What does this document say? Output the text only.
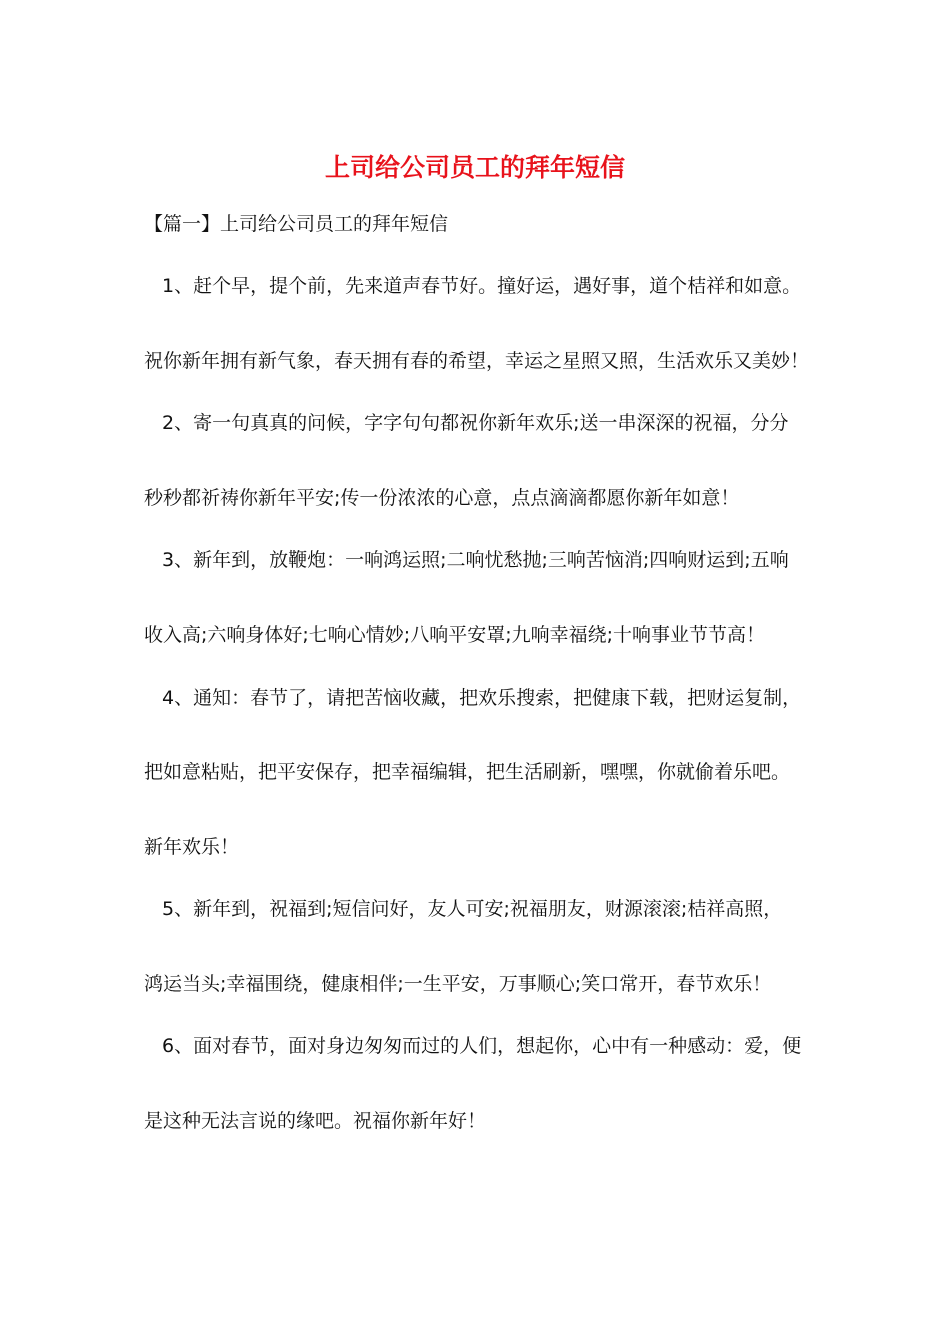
上司给公司员工的拜年短信

【篇一】上司给公司员工的拜年短信

1、赶个早，提个前，先来道声春节好。撞好运，遇好事，道个桔祥和如意。

祝你新年拥有新气象，春天拥有春的希望，幸运之星照又照，生活欢乐又美妙！

2、寄一句真真的问候，字字句句都祝你新年欢乐;送一串深深的祝福，分分

秒秒都祈祷你新年平安;传一份浓浓的心意，点点滴滴都愿你新年如意！

3、新年到，放鞭炮：一响鸿运照;二响忧愁抛;三响苦恼消;四响财运到;五响

收入高;六响身体好;七响心情妙;八响平安罩;九响幸福绕;十响事业节节高！

4、通知：春节了，请把苦恼收藏，把欢乐搜索，把健康下载，把财运复制，

把如意粘贴，把平安保存，把幸福编辑，把生活刷新，嘿嘿，你就偷着乐吧。

新年欢乐！

5、新年到，祝福到;短信问好，友人可安;祝福朋友，财源滚滚;桔祥高照，

鸿运当头;幸福围绕，健康相伴;一生平安，万事顺心;笑口常开，春节欢乐！

6、面对春节，面对身边匆匆而过的人们，想起你，心中有一种感动：爱，便

是这种无法言说的缘吧。祝福你新年好！
